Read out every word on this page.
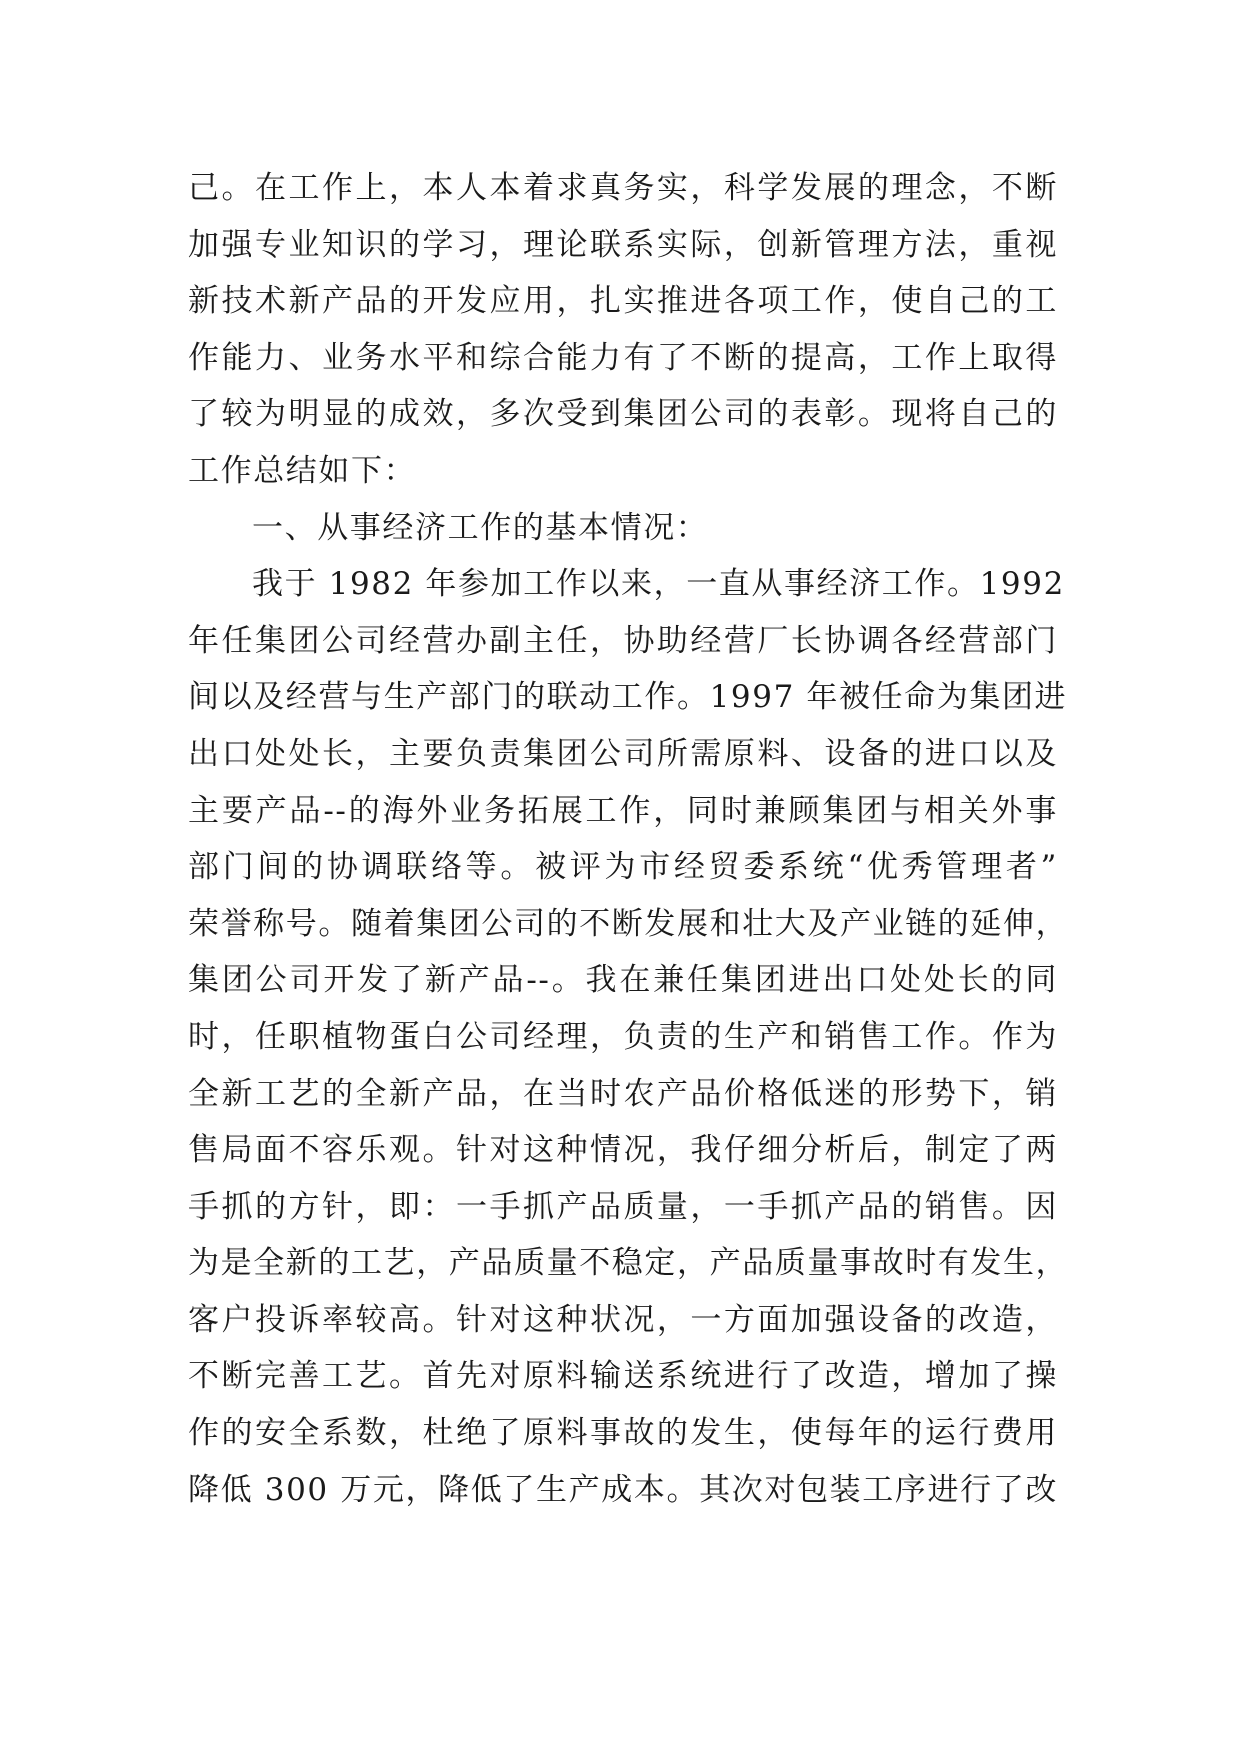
己。在工作上，本人本着求真务实，科学发展的理念，不断
加强专业知识的学习，理论联系实际，创新管理方法，重视
新技术新产品的开发应用，扎实推进各项工作，使自己的工
作能力、业务水平和综合能力有了不断的提高，工作上取得
了较为明显的成效，多次受到集团公司的表彰。现将自己的
工作总结如下：
一、从事经济工作的基本情况：
我于 1982 年参加工作以来，一直从事经济工作。1992
年任集团公司经营办副主任，协助经营厂长协调各经营部门
间以及经营与生产部门的联动工作。1997 年被任命为集团进
出口处处长，主要负责集团公司所需原料、设备的进口以及
主要产品--的海外业务拓展工作，同时兼顾集团与相关外事
部门间的协调联络等。被评为市经贸委系统“优秀管理者”
荣誉称号。随着集团公司的不断发展和壮大及产业链的延伸，
集团公司开发了新产品--。我在兼任集团进出口处处长的同
时，任职植物蛋白公司经理，负责的生产和销售工作。作为
全新工艺的全新产品，在当时农产品价格低迷的形势下，销
售局面不容乐观。针对这种情况，我仔细分析后，制定了两
手抓的方针，即：一手抓产品质量，一手抓产品的销售。因
为是全新的工艺，产品质量不稳定，产品质量事故时有发生，
客户投诉率较高。针对这种状况，一方面加强设备的改造，
不断完善工艺。首先对原料输送系统进行了改造，增加了操
作的安全系数，杜绝了原料事故的发生，使每年的运行费用
降低 300 万元，降低了生产成本。其次对包装工序进行了改
